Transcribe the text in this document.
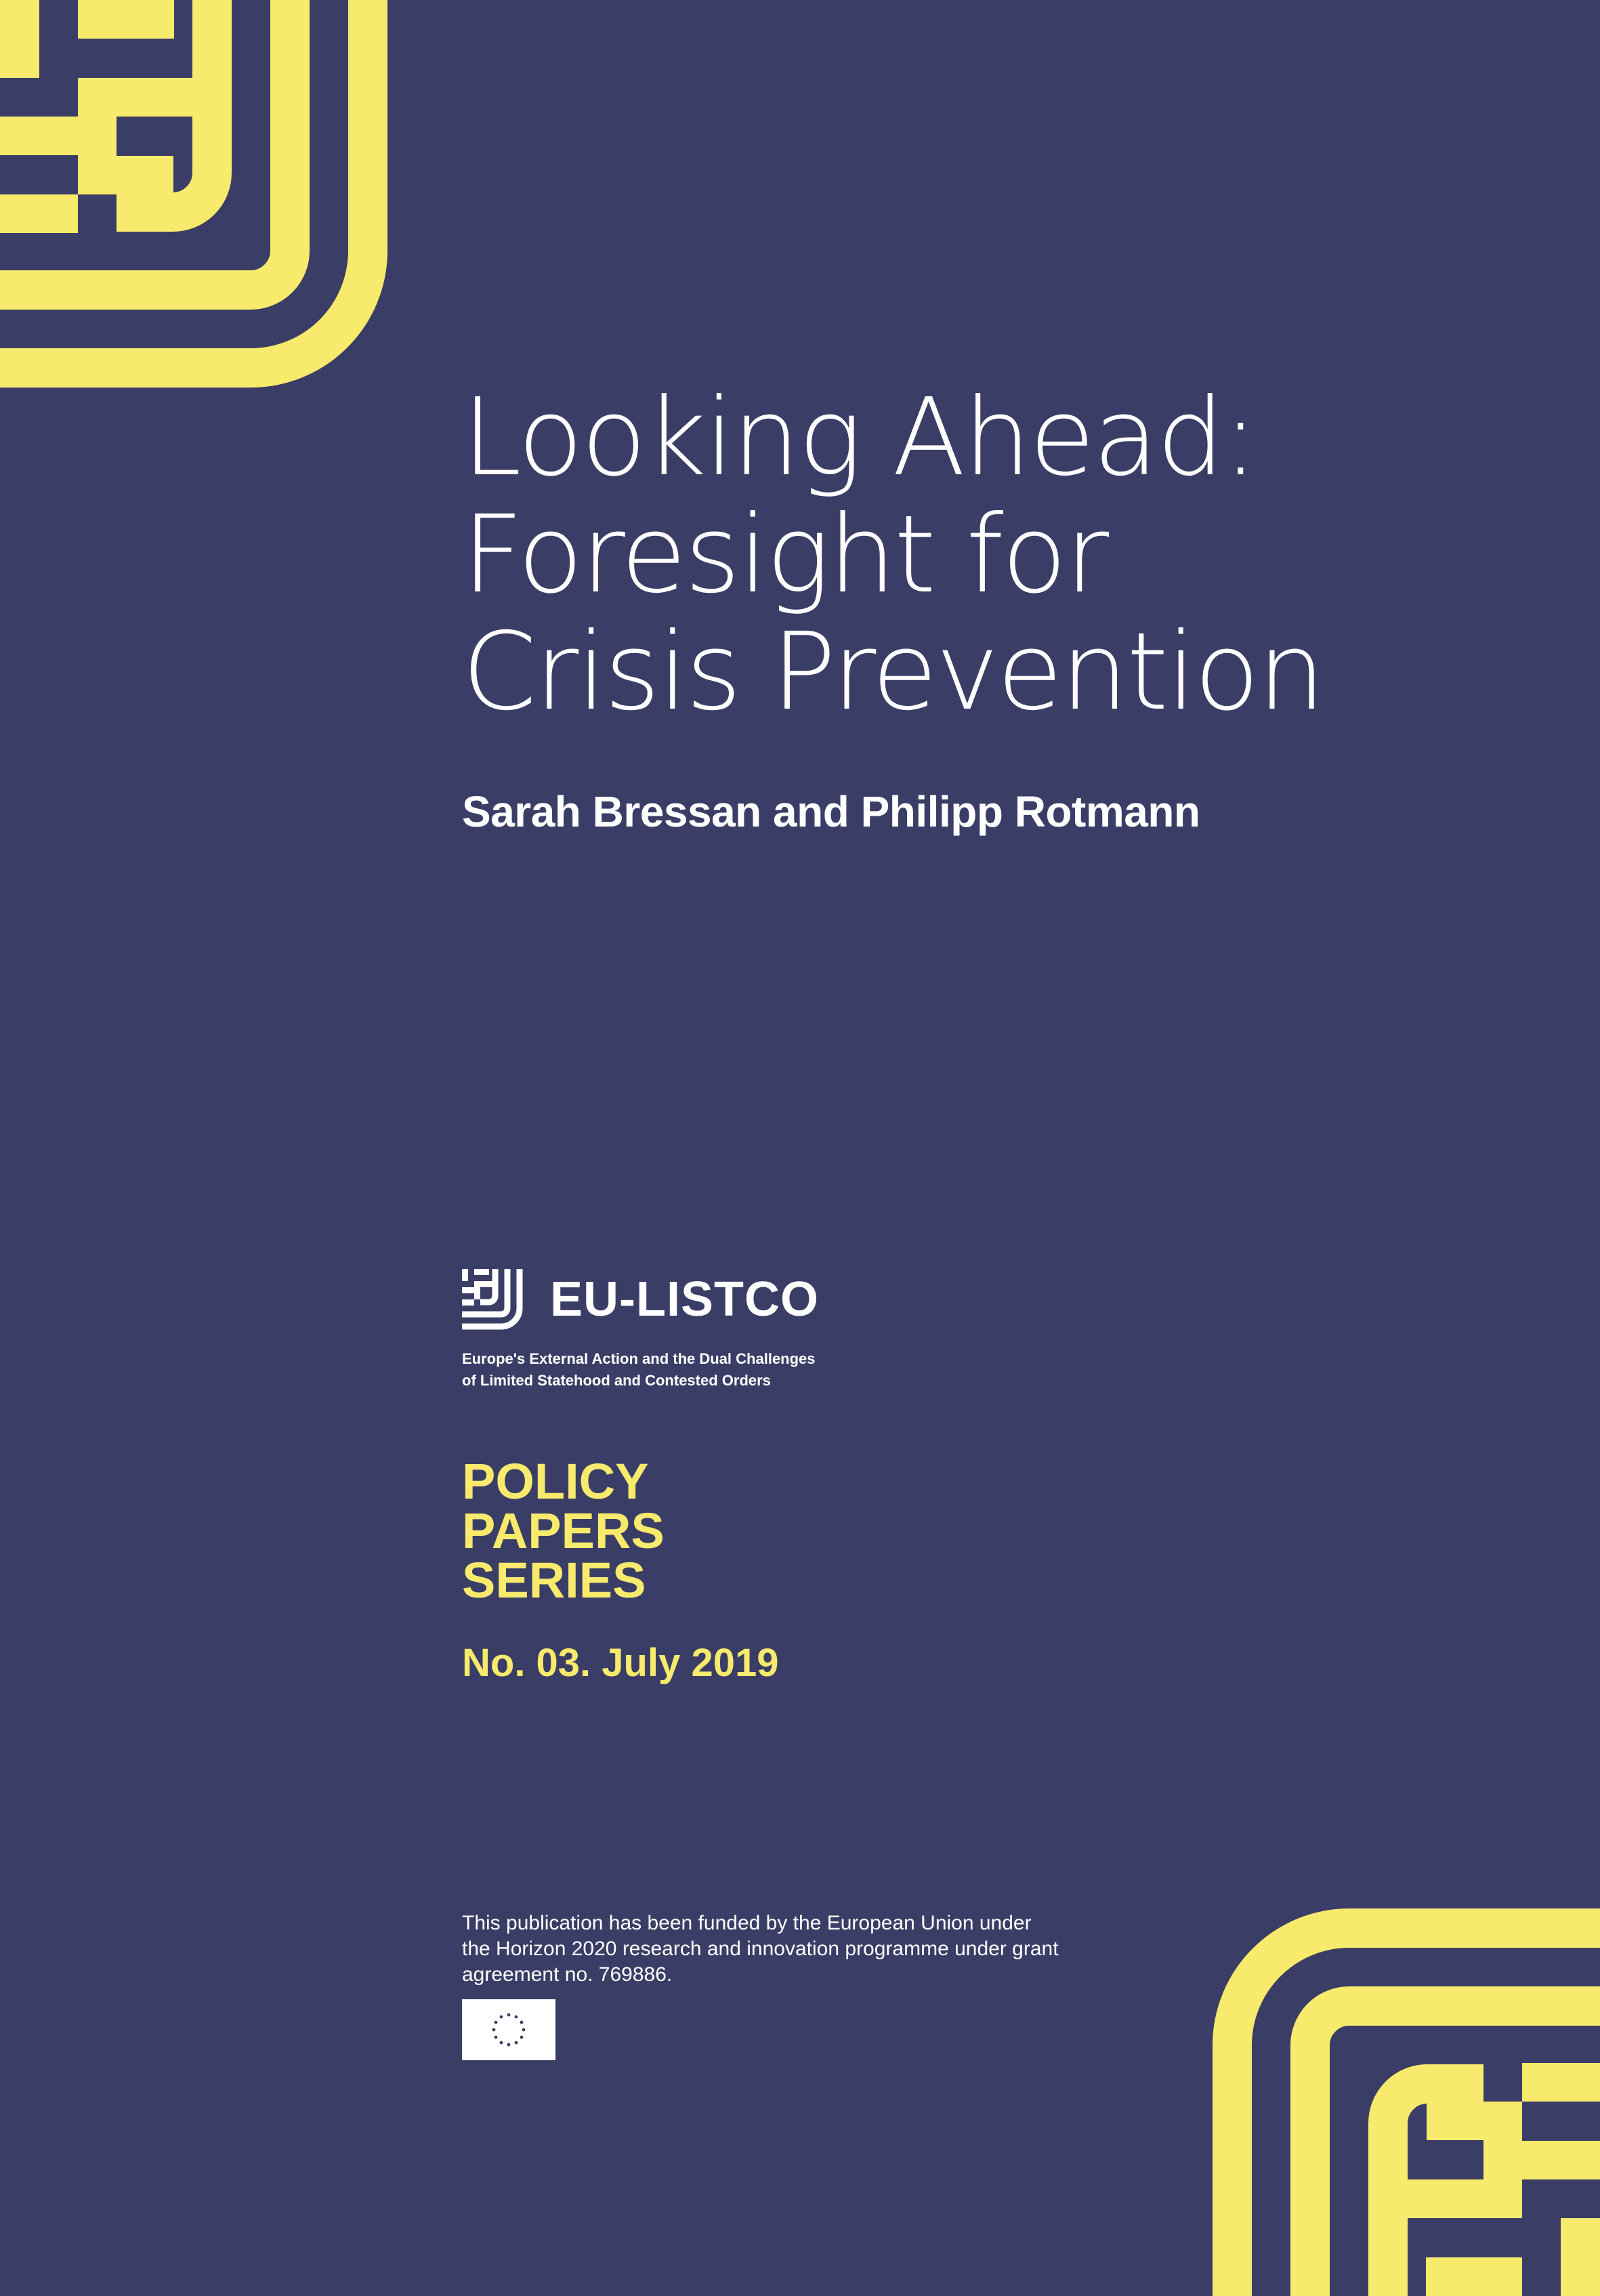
Looking Ahead:
Foresight for
Crisis Prevention
Sarah Bressan and Philipp Rotmann
EU-LISTCO
Europe's External Action and the Dual Challenges
of Limited Statehood and Contested Orders
POLICY
PAPERS
SERIES
No. 03. July 2019
This publication has been funded by the European Union under
the Horizon 2020 research and innovation programme under grant
agreement no. 769886.
